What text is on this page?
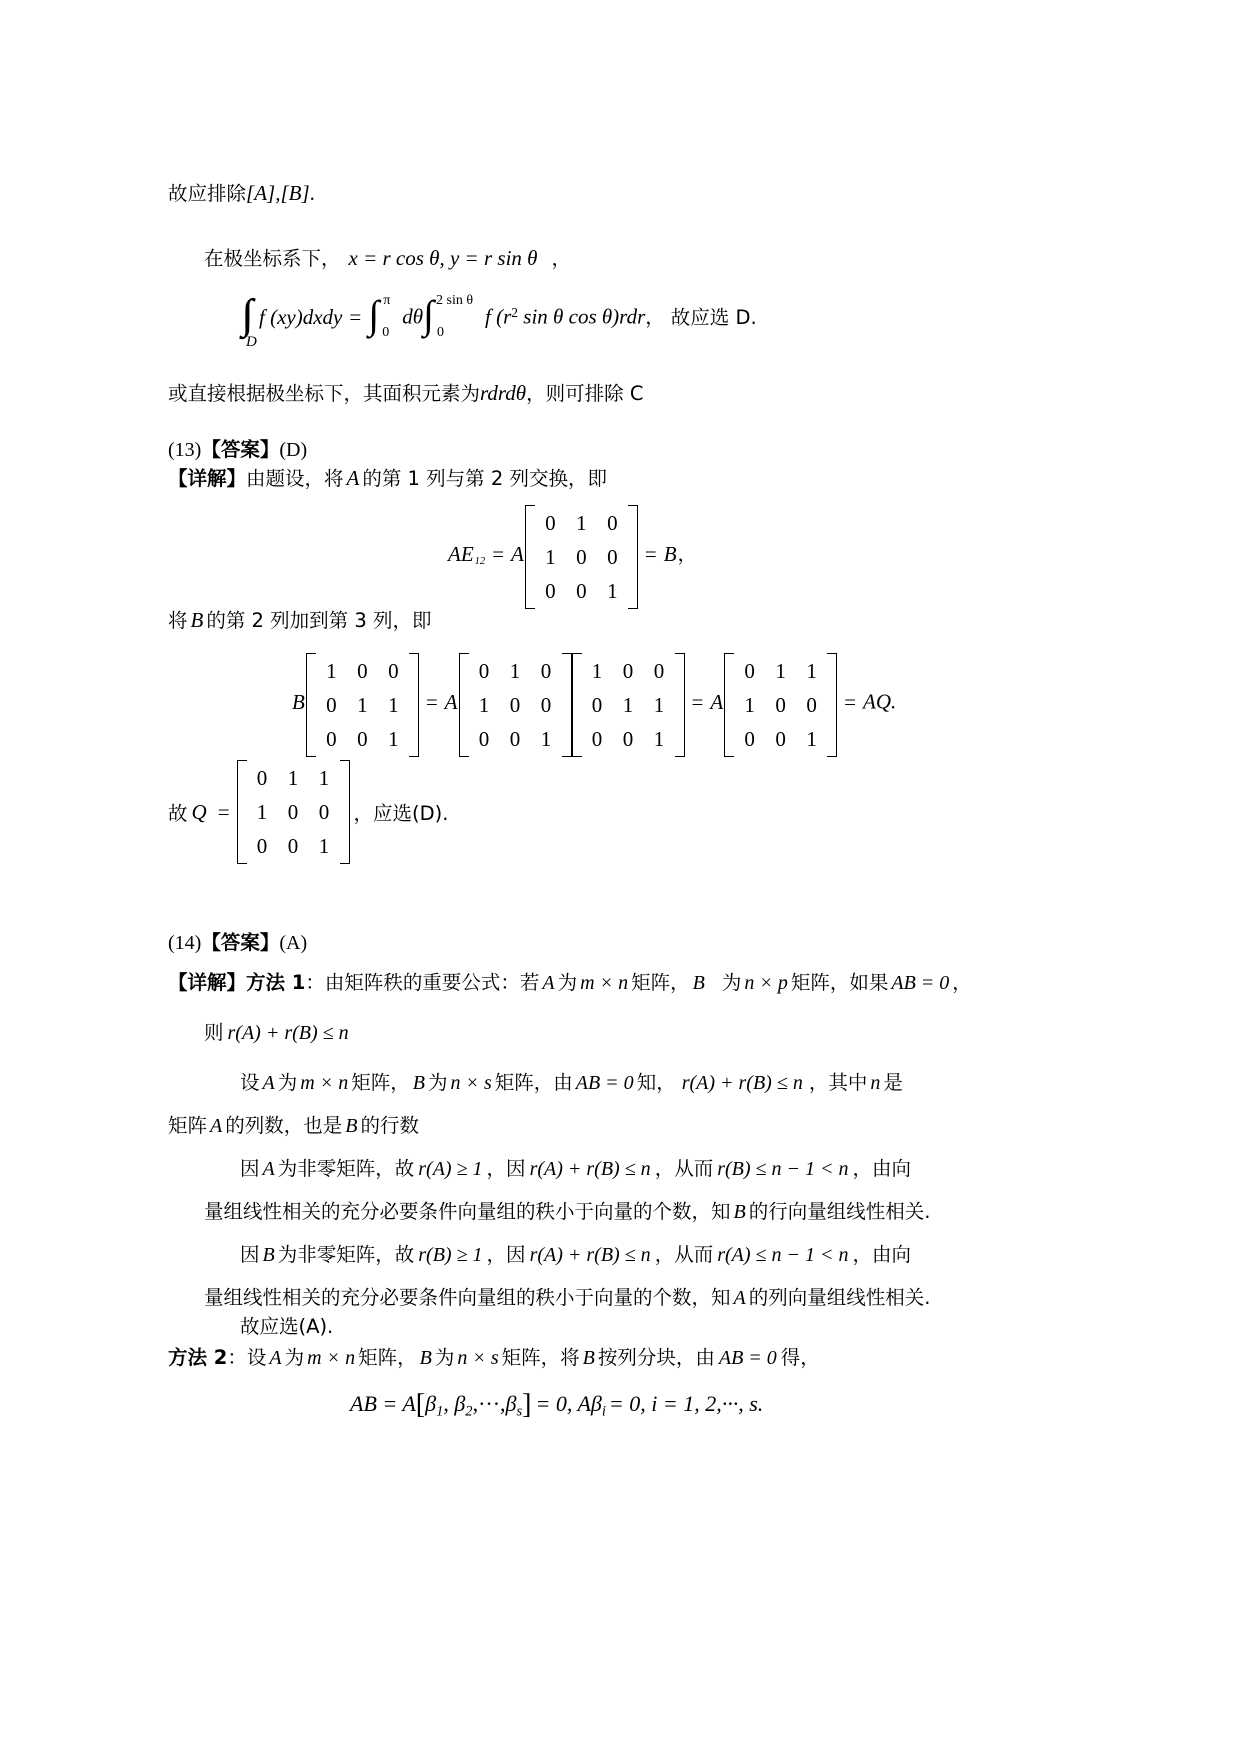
故应排除[A],[B].
在极坐标系下， x = r cos θ, y = r sin θ ，
D
f (xy)dxdy = ∫ π
0
dθ∫ 2 sin θ
0
f ($r^2$ sin θ cos θ)rdr， 故应选 D.
或直接根据极坐标下，其面积元素为rdrdθ，则可排除 C
(13)【答案】(D)
【详解】由题设，将 A 的第 1 列与第 2 列交换，即
$AE_{12} = A$
0 1 0
1 0 0
0 0 1
= B，
将 B 的第 2 列加到第 3 列，即
B
1 0 0
0 1 1
0 0 1
= A
0 1 0
1 0 0
0 0 1
1 0 0
0 1 1
0 0 1
= A
0 1 1
1 0 0
0 0 1
= AQ.
故 Q =
0 1 1
1 0 0
0 0 1
，应选(D).
(14)【答案】(A)
【详解】方法 1：由矩阵秩的重要公式：若 A 为 m × n 矩阵， B 为 n × p 矩阵，如果 AB = 0 ，
则 r(A) + r(B) ≤ n
设 A 为 m × n 矩阵， B 为 n × s 矩阵，由 AB = 0 知， r(A) + r(B) ≤ n ，其中 n 是
矩阵 A 的列数，也是 B 的行数
因 A 为非零矩阵，故 r(A) ≥ 1 ，因 r(A) + r(B) ≤ n ，从而 r(B) ≤ n − 1 < n ，由向
量组线性相关的充分必要条件向量组的秩小于向量的个数，知 B 的行向量组线性相关.
因 B 为非零矩阵，故 r(B) ≥ 1 ，因 r(A) + r(B) ≤ n ，从而 r(A) ≤ n − 1 < n ，由向
量组线性相关的充分必要条件向量组的秩小于向量的个数，知 A 的列向量组线性相关.
故应选(A).
方法 2：设 A 为 m × n 矩阵， B 为 n × s 矩阵，将 B 按列分块，由 AB = 0 得，
AB = $A[\beta_1$, $\beta_2,\cdot\cdot\cdot,\beta_s] = 0$, $A\beta_i = 0$, i = 1, 2,···, s.
